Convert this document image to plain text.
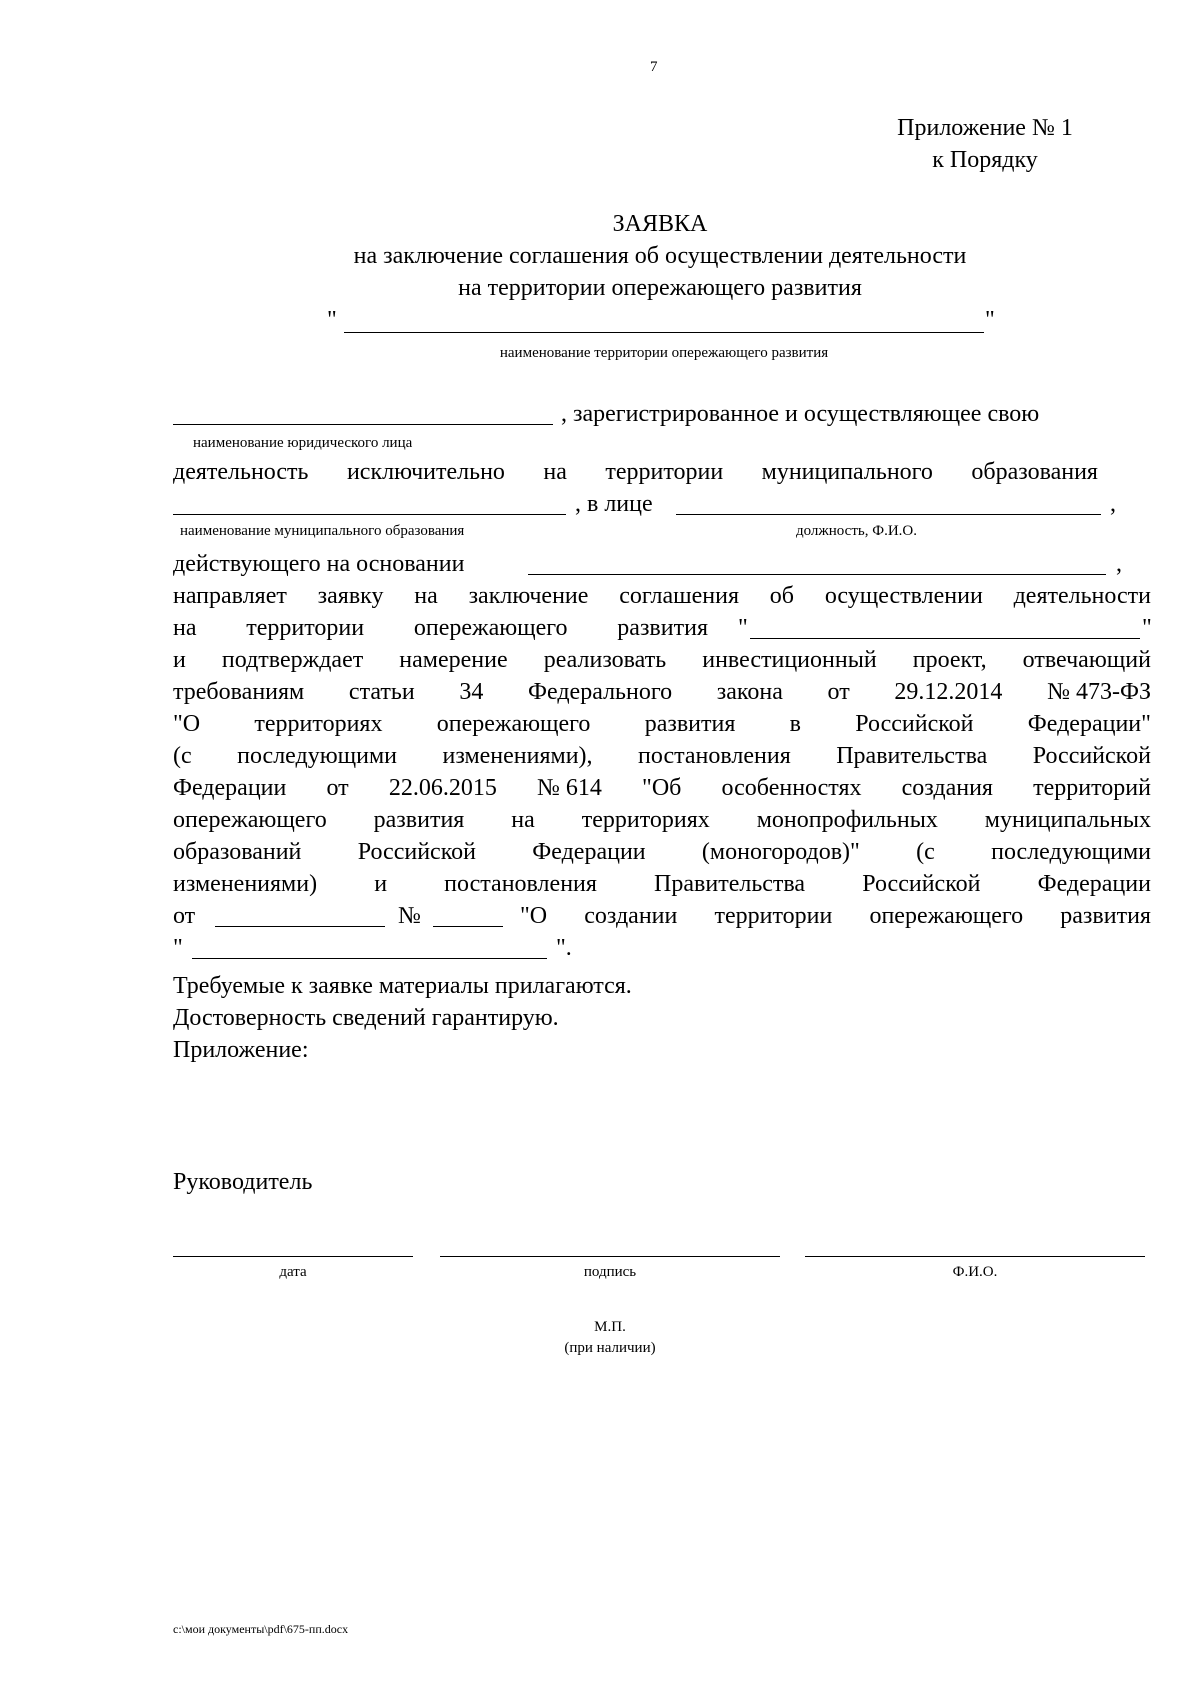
7
Приложение № 1
к Порядку
ЗАЯВКА
на заключение соглашения об осуществлении деятельности
на территории опережающего развития
"	"
наименование территории опережающего развития
, зарегистрированное и осуществляющее свою
наименование юридического лица
деятельность исключительно на территории муниципального образования
, в лице	,
наименование муниципального образования	должность, Ф.И.О.
действующего на основании	,
направляет заявку на заключение соглашения об осуществлении деятельности
на территории опережающего развития "	"
и подтверждает намерение реализовать инвестиционный проект, отвечающий
требованиям статьи 34 Федерального закона от 29.12.2014 № 473-ФЗ
"О территориях опережающего развития в Российской Федерации"
(с последующими изменениями), постановления Правительства Российской
Федерации от 22.06.2015 № 614 "Об особенностях создания территорий
опережающего развития на территориях монопрофильных муниципальных
образований Российской Федерации (моногородов)" (с последующими
изменениями) и постановления Правительства Российской Федерации
от	№	"О создании территории опережающего развития
"	".
Требуемые к заявке материалы прилагаются.
Достоверность сведений гарантирую.
Приложение:
Руководитель
дата	подпись	Ф.И.О.
М.П.
(при наличии)
c:\мои документы\pdf\675-пп.docx
